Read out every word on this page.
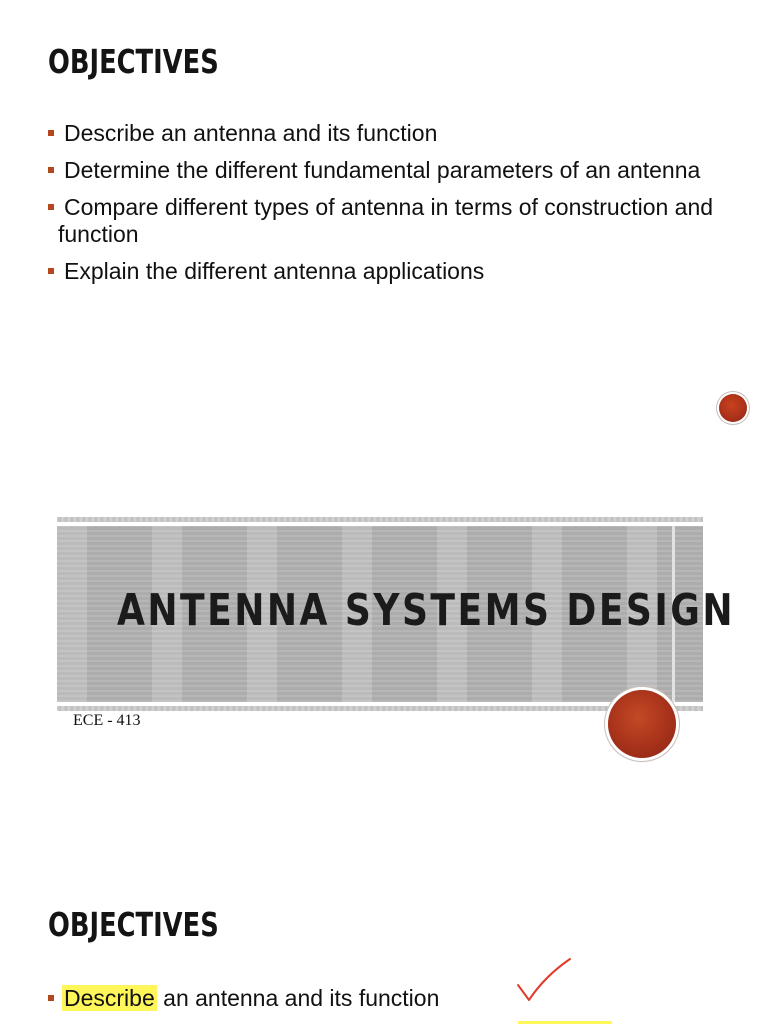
OBJECTIVES
Describe an antenna and its function
Determine the different fundamental parameters of an antenna
Compare different types of antenna in terms of construction and function
Explain the different antenna applications
ANTENNA SYSTEMS DESIGN
ECE - 413
OBJECTIVES
Describe an antenna and its function
